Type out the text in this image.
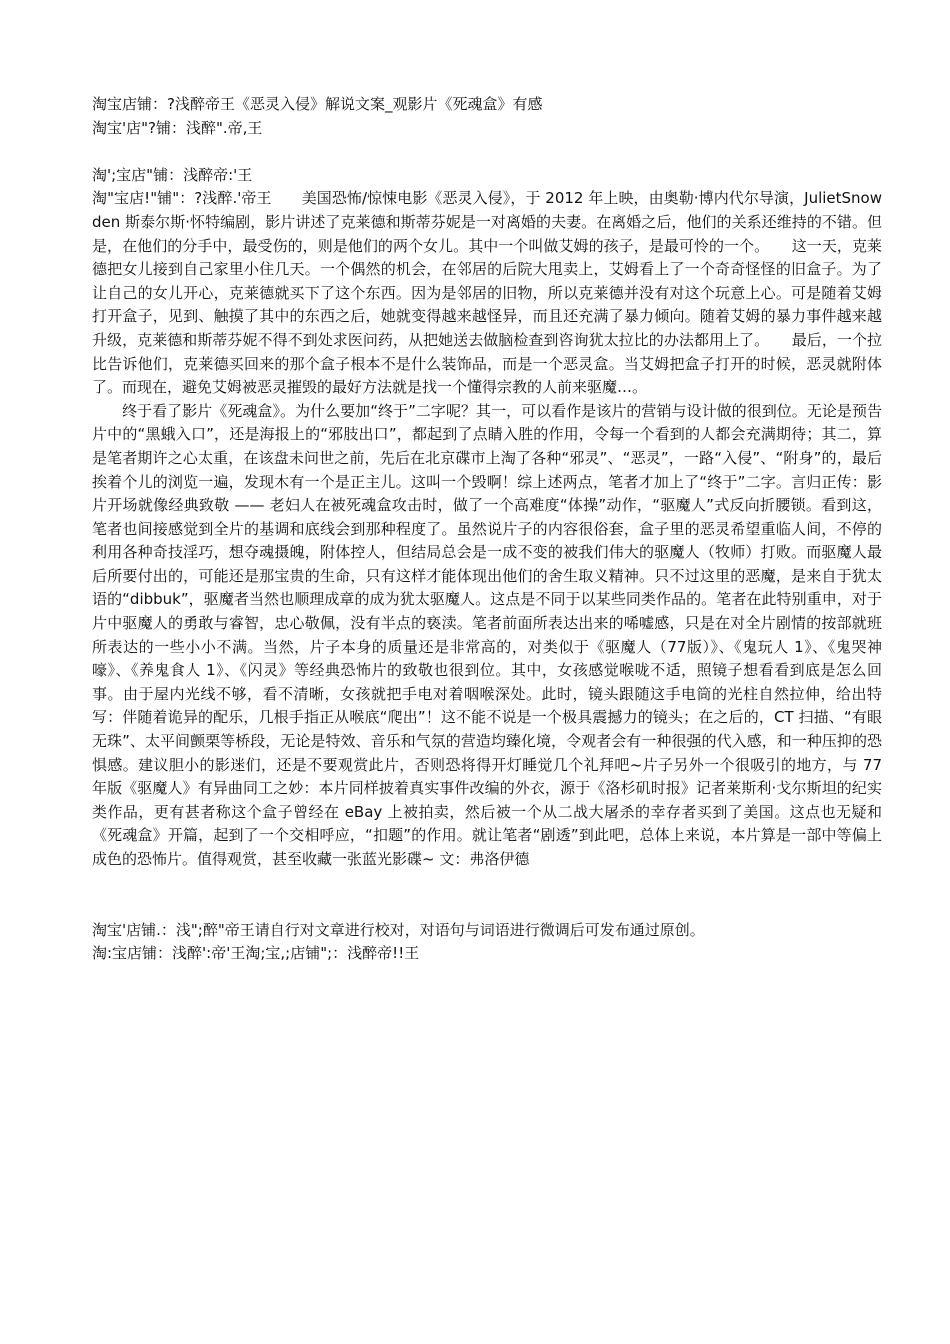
淘宝店铺：?浅醉帝王《恶灵入侵》解说文案_观影片《死魂盒》有感
淘宝'店"?铺：浅醉".帝,王
淘';宝店"铺：浅醉帝:'王

淘"宝店!"铺"：?浅醉.'帝王　　美国恐怖/惊悚电影《恶灵入侵》，于 2012 年上映，由奥勒·博内代尔导演，JulietSnowden 斯泰尔斯·怀特编剧，影片讲述了克莱德和斯蒂芬妮是一对离婚的夫妻。在离婚之后，他们的关系还维持的不错。但是，在他们的分手中，最受伤的，则是他们的两个女儿。其中一个叫做艾姆的孩子，是最可怜的一个。　　这一天，克莱德把女儿接到自己家里小住几天。一个偶然的机会，在邻居的后院大甩卖上，艾姆看上了一个奇奇怪怪的旧盒子。为了让自己的女儿开心，克莱德就买下了这个东西。因为是邻居的旧物，所以克莱德并没有对这个玩意上心。可是随着艾姆打开盒子，见到、触摸了其中的东西之后，她就变得越来越怪异，而且还充满了暴力倾向。随着艾姆的暴力事件越来越升级，克莱德和斯蒂芬妮不得不到处求医问药，从把她送去做脑检查到咨询犹太拉比的办法都用上了。　　最后，一个拉比告诉他们，克莱德买回来的那个盒子根本不是什么装饰品，而是一个恶灵盒。当艾姆把盒子打开的时候，恶灵就附体了。而现在，避免艾姆被恶灵摧毁的最好方法就是找一个懂得宗教的人前来驱魔…。

　　终于看了影片《死魂盒》。为什么要加“终于”二字呢？其一，可以看作是该片的营销与设计做的很到位。无论是预告片中的“黑蛾入口”，还是海报上的“邪肢出口”，都起到了点睛入胜的作用，令每一个看到的人都会充满期待；其二，算是笔者期许之心太重，在该盘未问世之前，先后在北京碟市上淘了各种“邪灵”、“恶灵”，一路“入侵”、“附身”的，最后挨着个儿的浏览一遍，发现木有一个是正主儿。这叫一个毁啊！综上述两点，笔者才加上了“终于”二字。言归正传：影片开场就像经典致敬 —— 老妇人在被死魂盒攻击时，做了一个高难度“体操”动作，“驱魔人”式反向折腰锁。看到这，笔者也间接感觉到全片的基调和底线会到那种程度了。虽然说片子的内容很俗套，盒子里的恶灵希望重临人间，不停的利用各种奇技淫巧，想夺魂摄魄，附体控人，但结局总会是一成不变的被我们伟大的驱魔人（牧师）打败。而驱魔人最后所要付出的，可能还是那宝贵的生命，只有这样才能体现出他们的舍生取义精神。只不过这里的恶魔，是来自于犹太语的“dibbuk”，驱魔者当然也顺理成章的成为犹太驱魔人。这点是不同于以某些同类作品的。笔者在此特别重申，对于片中驱魔人的勇敢与睿智，忠心敬佩，没有半点的亵渎。笔者前面所表达出来的唏嘘感，只是在对全片剧情的按部就班所表达的一些小小不满。当然，片子本身的质量还是非常高的，对类似于《驱魔人（77版）》、《鬼玩人 1》、《鬼哭神嚎》、《养鬼食人 1》、《闪灵》等经典恐怖片的致敬也很到位。其中，女孩感觉喉咙不适，照镜子想看看到底是怎么回事。由于屋内光线不够，看不清晰，女孩就把手电对着咽喉深处。此时，镜头跟随这手电筒的光柱自然拉伸，给出特写：伴随着诡异的配乐，几根手指正从喉底“爬出”！这不能不说是一个极具震撼力的镜头；在之后的，CT 扫描、“有眼无珠”、太平间颤栗等桥段，无论是特效、音乐和气氛的营造均臻化境，令观者会有一种很强的代入感，和一种压抑的恐惧感。建议胆小的影迷们，还是不要观赏此片，否则恐将得开灯睡觉几个礼拜吧~片子另外一个很吸引的地方，与 77 年版《驱魔人》有异曲同工之妙：本片同样披着真实事件改编的外衣，源于《洛杉矶时报》记者莱斯利·戈尔斯坦的纪实类作品，更有甚者称这个盒子曾经在 eBay 上被拍卖，然后被一个从二战大屠杀的幸存者买到了美国。这点也无疑和《死魂盒》开篇，起到了一个交相呼应，“扣题”的作用。就让笔者“剧透”到此吧，总体上来说，本片算是一部中等偏上成色的恐怖片。值得观赏，甚至收藏一张蓝光影碟~ 文：弗洛伊德

淘宝'店铺.：浅";醉"帝王请自行对文章进行校对，对语句与词语进行微调后可发布通过原创。
淘:宝店铺：浅醉':帝'王淘;宝,;店铺";：浅醉帝!!王
